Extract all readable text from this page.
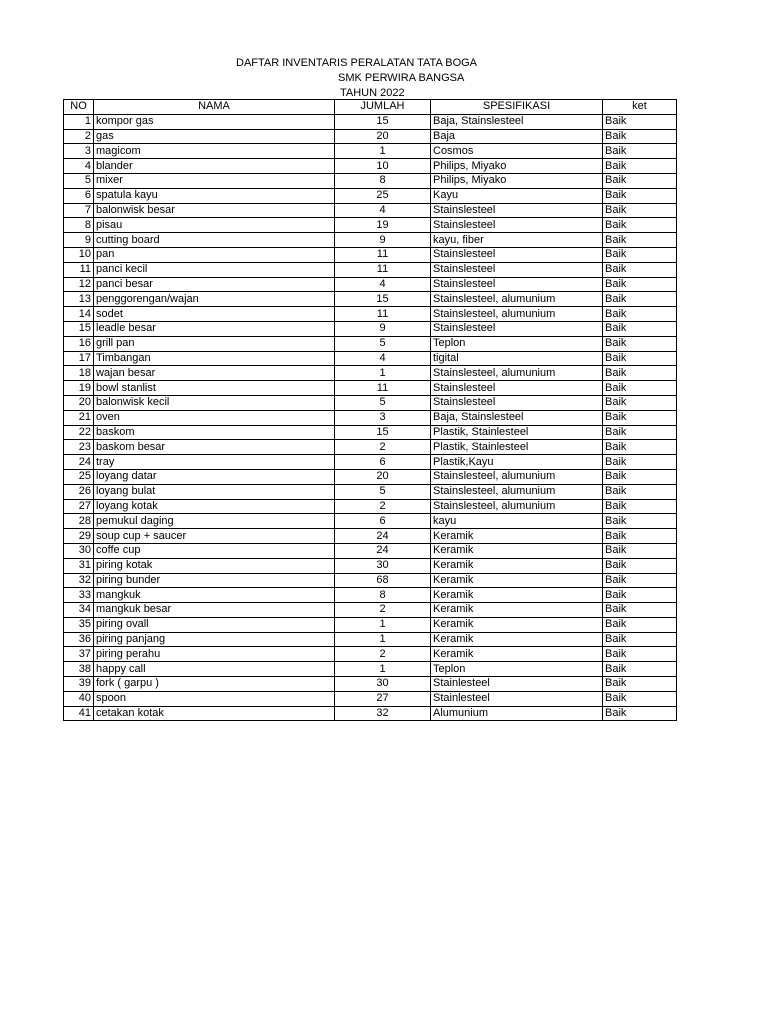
DAFTAR INVENTARIS PERALATAN TATA BOGA
SMK PERWIRA BANGSA
TAHUN 2022
NO	NAMA	JUMLAH	SPESIFIKASI	ket
1	kompor gas	15	Baja, Stainslesteel	Baik
2	gas	20	Baja	Baik
3	magicom	1	Cosmos	Baik
4	blander	10	Philips, Miyako	Baik
5	mixer	8	Philips, Miyako	Baik
6	spatula kayu	25	Kayu	Baik
7	balonwisk besar	4	Stainslesteel	Baik
8	pisau	19	Stainslesteel	Baik
9	cutting board	9	kayu, fiber	Baik
10	pan	11	Stainslesteel	Baik
11	panci kecil	11	Stainslesteel	Baik
12	panci besar	4	Stainslesteel	Baik
13	penggorengan/wajan	15	Stainslesteel, alumunium	Baik
14	sodet	11	Stainslesteel, alumunium	Baik
15	leadle besar	9	Stainslesteel	Baik
16	grill pan	5	Teplon	Baik
17	Timbangan	4	tigital	Baik
18	wajan besar	1	Stainslesteel, alumunium	Baik
19	bowl stanlist	11	Stainslesteel	Baik
20	balonwisk kecil	5	Stainslesteel	Baik
21	oven	3	Baja, Stainslesteel	Baik
22	baskom	15	Plastik, Stainlesteel	Baik
23	baskom besar	2	Plastik, Stainlesteel	Baik
24	tray	6	Plastik,Kayu	Baik
25	loyang datar	20	Stainslesteel, alumunium	Baik
26	loyang bulat	5	Stainslesteel, alumunium	Baik
27	loyang kotak	2	Stainslesteel, alumunium	Baik
28	pemukul daging	6	kayu	Baik
29	soup cup + saucer	24	Keramik	Baik
30	coffe cup	24	Keramik	Baik
31	piring kotak	30	Keramik	Baik
32	piring bunder	68	Keramik	Baik
33	mangkuk	8	Keramik	Baik
34	mangkuk besar	2	Keramik	Baik
35	piring ovall	1	Keramik	Baik
36	piring panjang	1	Keramik	Baik
37	piring perahu	2	Keramik	Baik
38	happy call	1	Teplon	Baik
39	fork ( garpu )	30	Stainlesteel	Baik
40	spoon	27	Stainlesteel	Baik
41	cetakan kotak	32	Alumunium	Baik
